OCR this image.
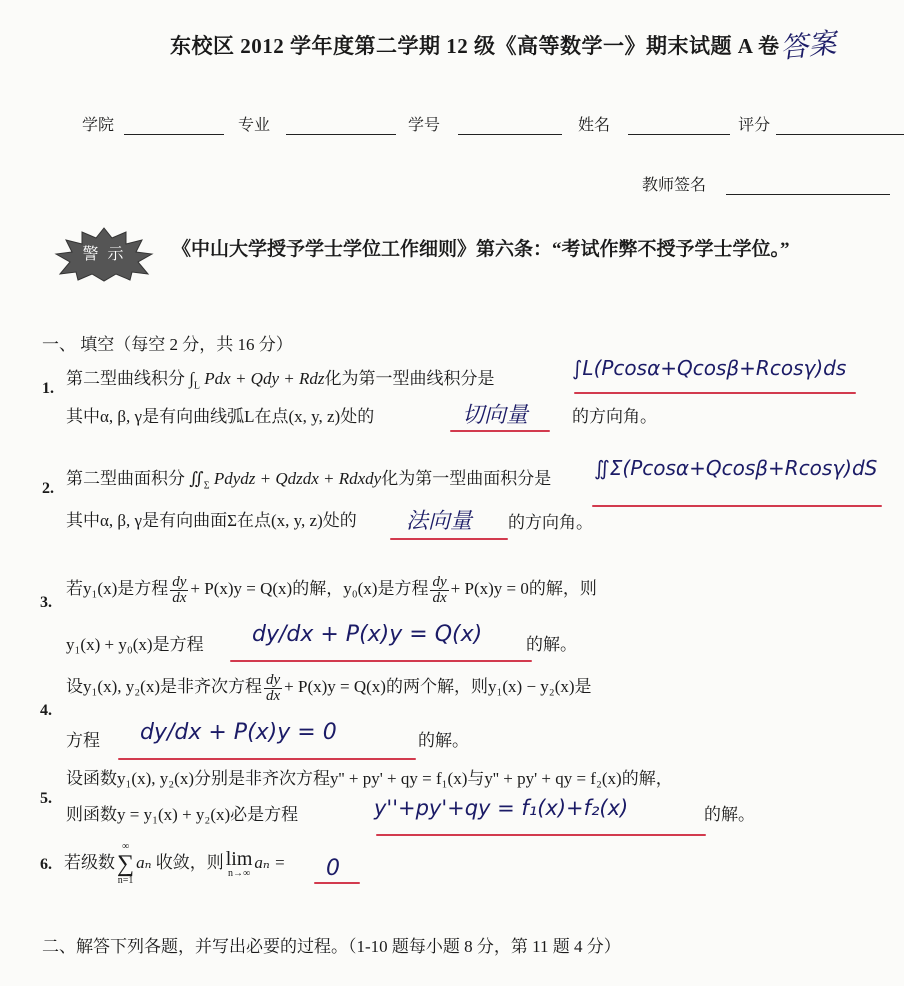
东校区 2012 学年度第二学期 12 级《高等数学一》期末试题 A 卷 答案
学院	专业	学号	姓名	评分
教师签名
警 示	《中山大学授予学士学位工作细则》第六条：“考试作弊不授予学士学位。”
一、 填空（每空 2 分，共 16 分）
1.
第二型曲线积分 $\int_L$ Pdx + Qdy + Rdz化为第一型曲线积分是	∫L(Pcosα+Qcosβ+Rcosγ)ds
其中α, β, γ是有向曲线弧L在点(x, y, z)处的	切向量	的方向角。
2.
第二型曲面积分 $∬_\Sigma$ Pdydz + Qdzdx + Rdxdy化为第一型曲面积分是 ∬Σ(Pcosα+Qcosβ+Rcosγ)dS
其中α, β, γ是有向曲面Σ在点(x, y, z)处的 法向量 的方向角。
3.
若y₁(x)是方程 $\frac{dy}{dx} + P(x)y = Q(x)$的解，y₀(x)是方程 $\frac{dy}{dx} + P(x)y = 0$的解，则
y₁(x) + y₀(x)是方程 dy/dx + P(x)y = Q(x)	的解。
4.
设y₁(x), y₂(x)是非齐次方程 $\frac{dy}{dx} + P(x)y = Q(x)$的两个解，则y₁(x) − y₂(x)是
方程 dy/dx + P(x)y = 0	的解。
5.
设函数y₁(x), y₂(x)分别是非齐次方程y'' + py' + qy = f₁(x)与y'' + py' + qy = f₂(x)的解，
则函数y = y₁(x) + y₂(x)必是方程	y''+py'+qy = f₁(x)+f₂(x)	的解。
6. 若级数
∞
∑
n=1
aₙ 收敛，则 lim
n→∞
aₙ = 0
二、解答下列各题，并写出必要的过程。（1-10 题每小题 8 分，第 11 题 4 分）
